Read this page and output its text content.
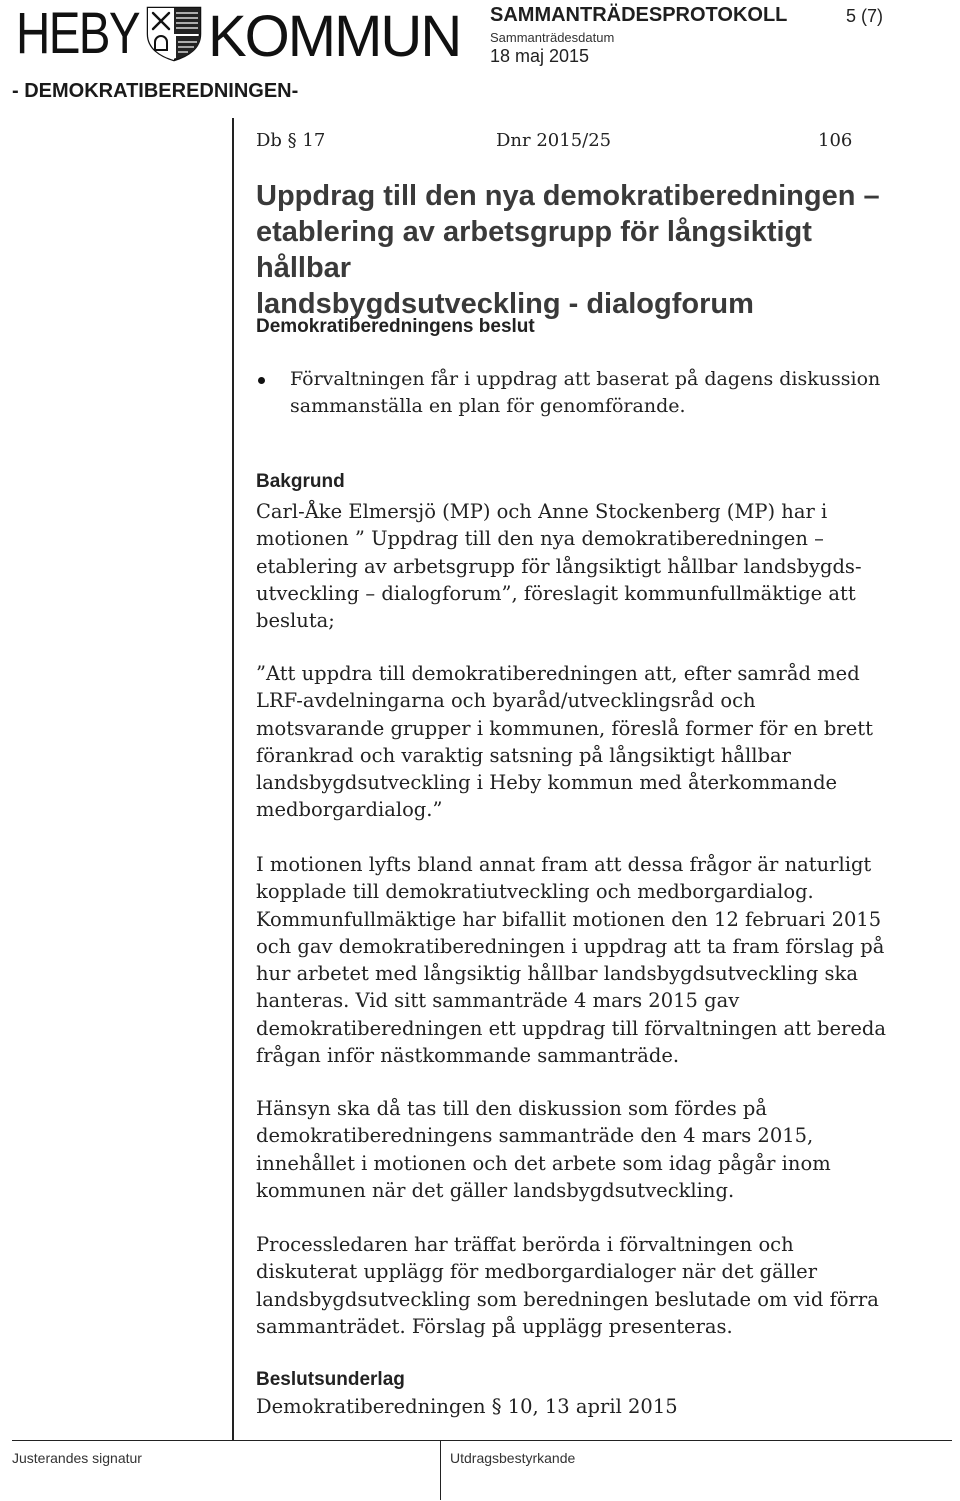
HEBY KOMMUN SAMMANTRÄDESPROTOKOLL
Sammanträdesdatum
18 maj 2015
5 (7)
- DEMOKRATIBEREDNINGEN-
Db § 17	Dnr 2015/25	106
Uppdrag till den nya demokratiberedningen –
etablering av arbetsgrupp för långsiktigt hållbar
landsbygdsutveckling - dialogforum
Demokratiberedningens beslut
Förvaltningen får i uppdrag att baserat på dagens diskussion
sammanställa en plan för genomförande.
Bakgrund
Carl-Åke Elmersjö (MP) och Anne Stockenberg (MP) har i
motionen ” Uppdrag till den nya demokratiberedningen –
etablering av arbetsgrupp för långsiktigt hållbar landsbygds-
utveckling – dialogforum”, föreslagit kommunfullmäktige att
besluta;
”Att uppdra till demokratiberedningen att, efter samråd med
LRF-avdelningarna och byaråd/utvecklingsråd och
motsvarande grupper i kommunen, föreslå former för en brett
förankrad och varaktig satsning på långsiktigt hållbar
landsbygdsutveckling i Heby kommun med återkommande
medborgardialog.”
I motionen lyfts bland annat fram att dessa frågor är naturligt
kopplade till demokratiutveckling och medborgardialog.
Kommunfullmäktige har bifallit motionen den 12 februari 2015
och gav demokratiberedningen i uppdrag att ta fram förslag på
hur arbetet med långsiktig hållbar landsbygdsutveckling ska
hanteras. Vid sitt sammanträde 4 mars 2015 gav
demokratiberedningen ett uppdrag till förvaltningen att bereda
frågan inför nästkommande sammanträde.
Hänsyn ska då tas till den diskussion som fördes på
demokratiberedningens sammanträde den 4 mars 2015,
innehållet i motionen och det arbete som idag pågår inom
kommunen när det gäller landsbygdsutveckling.
Processledaren har träffat berörda i förvaltningen och
diskuterat upplägg för medborgardialoger när det gäller
landsbygdsutveckling som beredningen beslutade om vid förra
sammanträdet. Förslag på upplägg presenteras.
Beslutsunderlag
Demokratiberedningen § 10, 13 april 2015
Justerandes signatur	Utdragsbestyrkande
